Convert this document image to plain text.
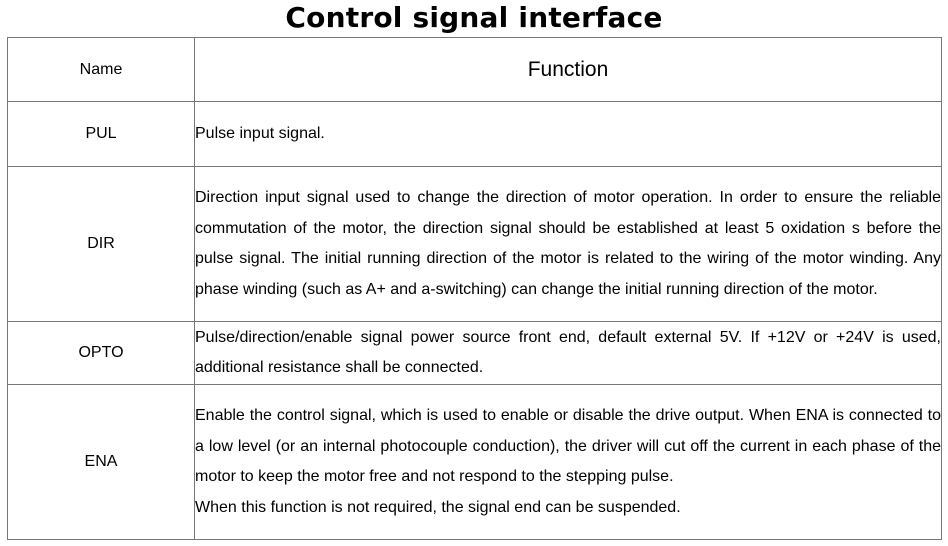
Control signal interface
Name	Function
PUL	Pulse input signal.

DIR	Direction input signal used to change the direction of motor operation. In order to ensure the reliable commutation of the motor, the direction signal should be established at least 5 oxidation s before the pulse signal. The initial running direction of the motor is related to the wiring of the motor winding. Any phase winding (such as A+ and a-switching) can change the initial running direction of the motor.

OPTO	Pulse/direction/enable signal power source front end, default external 5V. If +12V or +24V is used, additional resistance shall be connected.

ENA	Enable the control signal, which is used to enable or disable the drive output. When ENA is connected to a low level (or an internal photocouple conduction), the driver will cut off the current in each phase of the motor to keep the motor free and not respond to the stepping pulse.
When this function is not required, the signal end can be suspended.
